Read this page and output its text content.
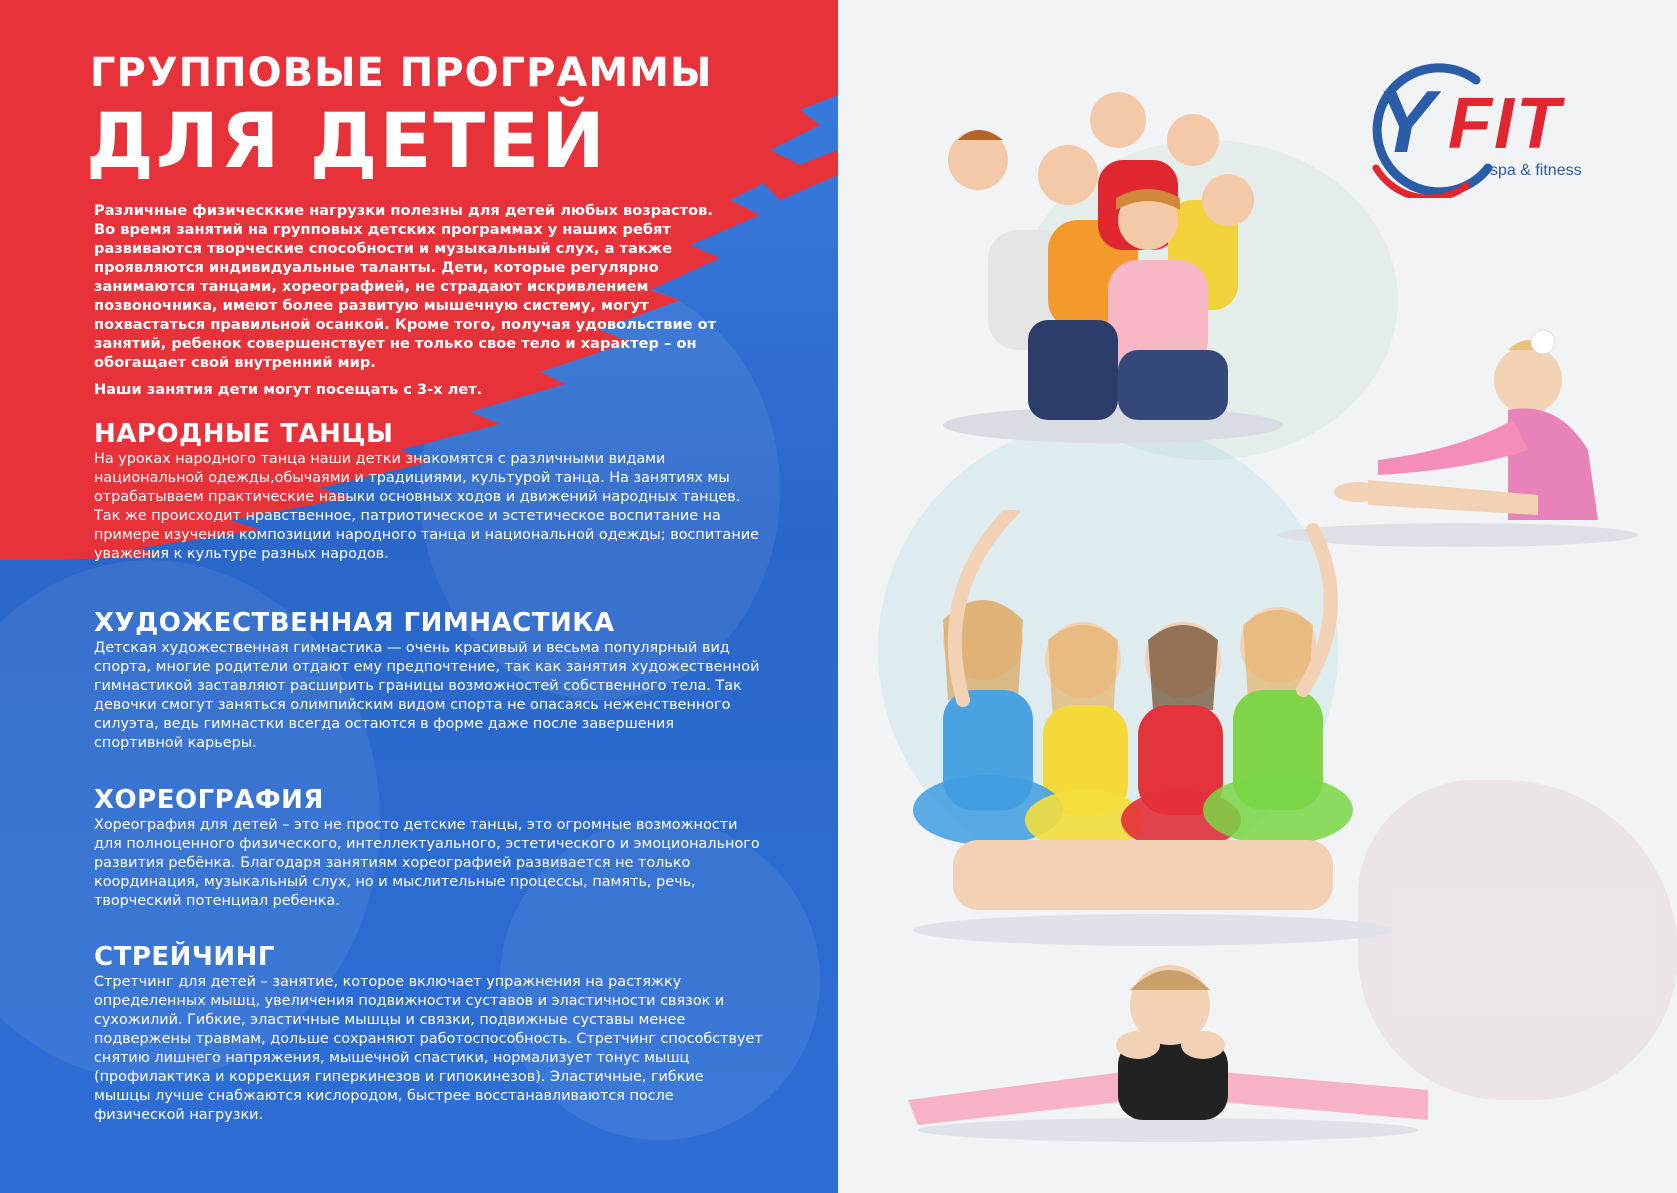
ГРУППОВЫЕ ПРОГРАММЫ
ДЛЯ ДЕТЕЙ

Различные физическкие нагрузки полезны для детей любых возрастов. Во время занятий на групповых детских программах у наших ребят развиваются творческие способности и музыкальный слух, а также проявляются индивидуальные таланты. Дети, которые регулярно занимаются танцами, хореографией, не страдают искривлением позвоночника, имеют более развитую мышечную систему, могут похвастаться правильной осанкой. Кроме того, получая удовольствие от занятий, ребенок совершенствует не только свое тело и характер – он обогащает свой внутренний мир.

Наши занятия дети могут посещать с 3-х лет.

НАРОДНЫЕ ТАНЦЫ

На уроках народного танца наши детки знакомятся с различными видами национальной одежды,обычаями и традициями, культурой танца. На занятиях мы отрабатываем практические навыки основных ходов и движений народных танцев. Так же происходит нравственное, патриотическое и эстетическое воспитание на примере изучения композиции народного танца и национальной одежды; воспитание уважения к культуре разных народов.

ХУДОЖЕСТВЕННАЯ ГИМНАСТИКА

Детская художественная гимнастика — очень красивый и весьма популярный вид спорта, многие родители отдают ему предпочтение, так как занятия художественной гимнастикой заставляют расширить границы возможностей собственного тела. Так девочки смогут заняться олимпийским видом спорта не опасаясь неженственного силуэта, ведь гимнастки всегда остаются в форме даже после завершения спортивной карьеры.

ХОРЕОГРАФИЯ

Хореография для детей – это не просто детские танцы, это огромные возможности для полноценного физического, интеллектуального, эстетического и эмоционального развития ребёнка. Благодаря занятиям хореографией развивается не только координация, музыкальный слух, но и мыслительные процессы, память, речь, творческий потенциал ребенка.

СТРЕЙЧИНГ

Стретчинг для детей – занятие, которое включает упражнения на растяжку определенных мышц, увеличения подвижности суставов и эластичности связок и сухожилий. Гибкие, эластичные мышцы и связки, подвижные суставы менее подвержены травмам, дольше сохраняют работоспособность. Стретчинг способствует снятию лишнего напряжения, мышечной спастики, нормализует тонус мышц (профилактика и коррекция гиперкинезов и гипокинезов). Эластичные, гибкие мышцы лучше снабжаются кислородом, быстрее восстанавливаются после физической нагрузки.

Y FIT
spa & fitness
